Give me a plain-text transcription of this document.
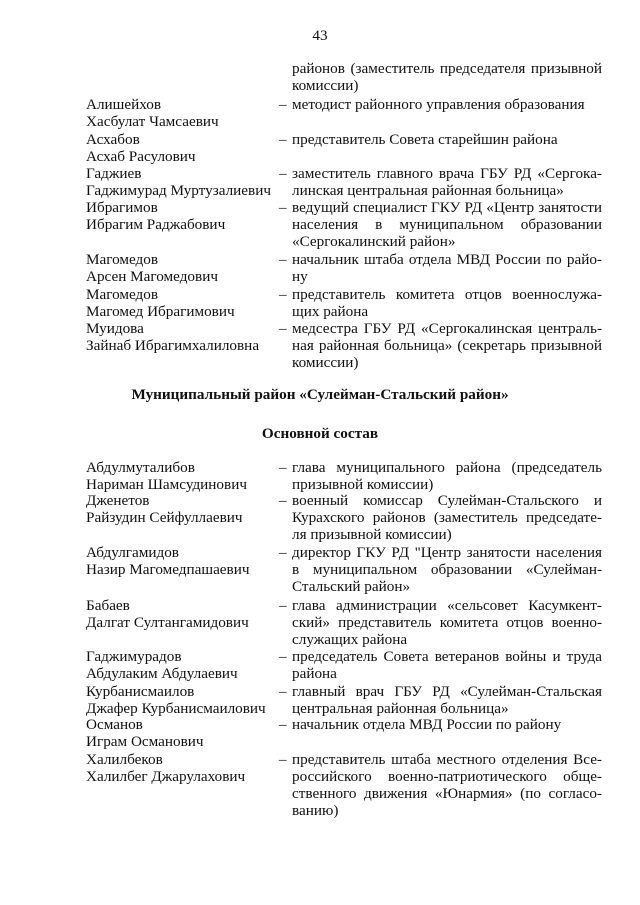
43
районов (заместитель председателя призывной
комиссии)
Алишейхов
Хасбулат Чамсаевич
– методист районного управления образования
Асхабов
Асхаб Расулович
– представитель Совета старейшин района
Гаджиев
Гаджимурад Муртузалиевич
– заместитель главного врача ГБУ РД «Сергока-
линская центральная районная больница»
Ибрагимов
Ибрагим Раджабович
– ведущий специалист ГКУ РД «Центр занятости
населения в муниципальном образовании
«Сергокалинский район»
Магомедов
Арсен Магомедович
– начальник штаба отдела МВД России по райо-
ну
Магомедов
Магомед Ибрагимович
– представитель комитета отцов военнослужа-
щих района
Муидова
Зайнаб Ибрагимхалиловна
– медсестра ГБУ РД «Сергокалинская централь-
ная районная больница» (секретарь призывной
комиссии)
Муниципальный район «Сулейман-Стальский район»
Основной состав
Абдулмуталибов
Нариман Шамсудинович
– глава муниципального района (председатель
призывной комиссии)
Дженетов
Райзудин Сейфуллаевич
– военный комиссар Сулейман-Стальского и
Курахского районов (заместитель председате-
ля призывной комиссии)
Абдулгамидов
Назир Магомедпашаевич
– директор ГКУ РД "Центр занятости населения
в муниципальном образовании «Сулейман-
Стальский район»
Бабаев
Далгат Султангамидович
– глава администрации «сельсовет Касумкент-
ский» представитель комитета отцов военно-
служащих района
Гаджимурадов
Абдулаким Абдулаевич
– председатель Совета ветеранов войны и труда
района
Курбанисмаилов
Джафер Курбанисмаилович
– главный врач ГБУ РД «Сулейман-Стальская
центральная районная больница»
Османов
Играм Османович
– начальник отдела МВД России по району
Халилбеков
Халилбег Джарулахович
– представитель штаба местного отделения Все-
российского военно-патриотического обще-
ственного движения «Юнармия» (по согласо-
ванию)
